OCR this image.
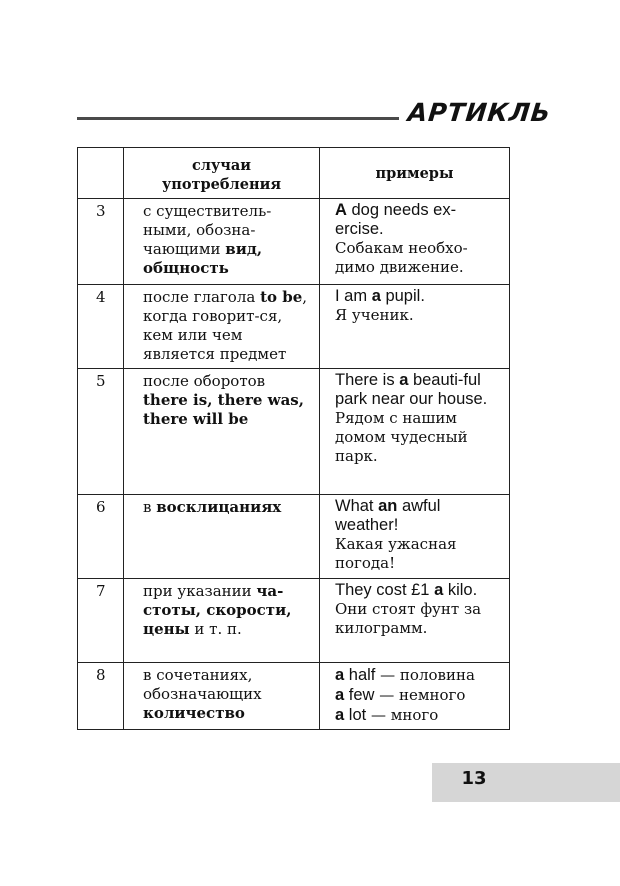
АРТИКЛЬ
	случаи употребления	примеры
3	с существитель-ными, обозна-чающими вид, общность	A dog needs ex-ercise.
Собакам необхо-димо движение.

4	после глагола to be, когда говорит-ся, кем или чем является предмет	I am a pupil.
Я ученик.

5	после оборотов there is, there was, there will be	There is a beauti-ful park near our house.
Рядом с нашим домом чудесный парк.

6	в восклицаниях	What an awful weather!
Какая ужасная погода!

7	при указании ча-стоты, скорости, цены и т. п.	They cost £1 a kilo.
Они стоят фунт за килограмм.

8	в сочетаниях, обозначающих количество	a half — половина
a few — немного
a lot — много
13
